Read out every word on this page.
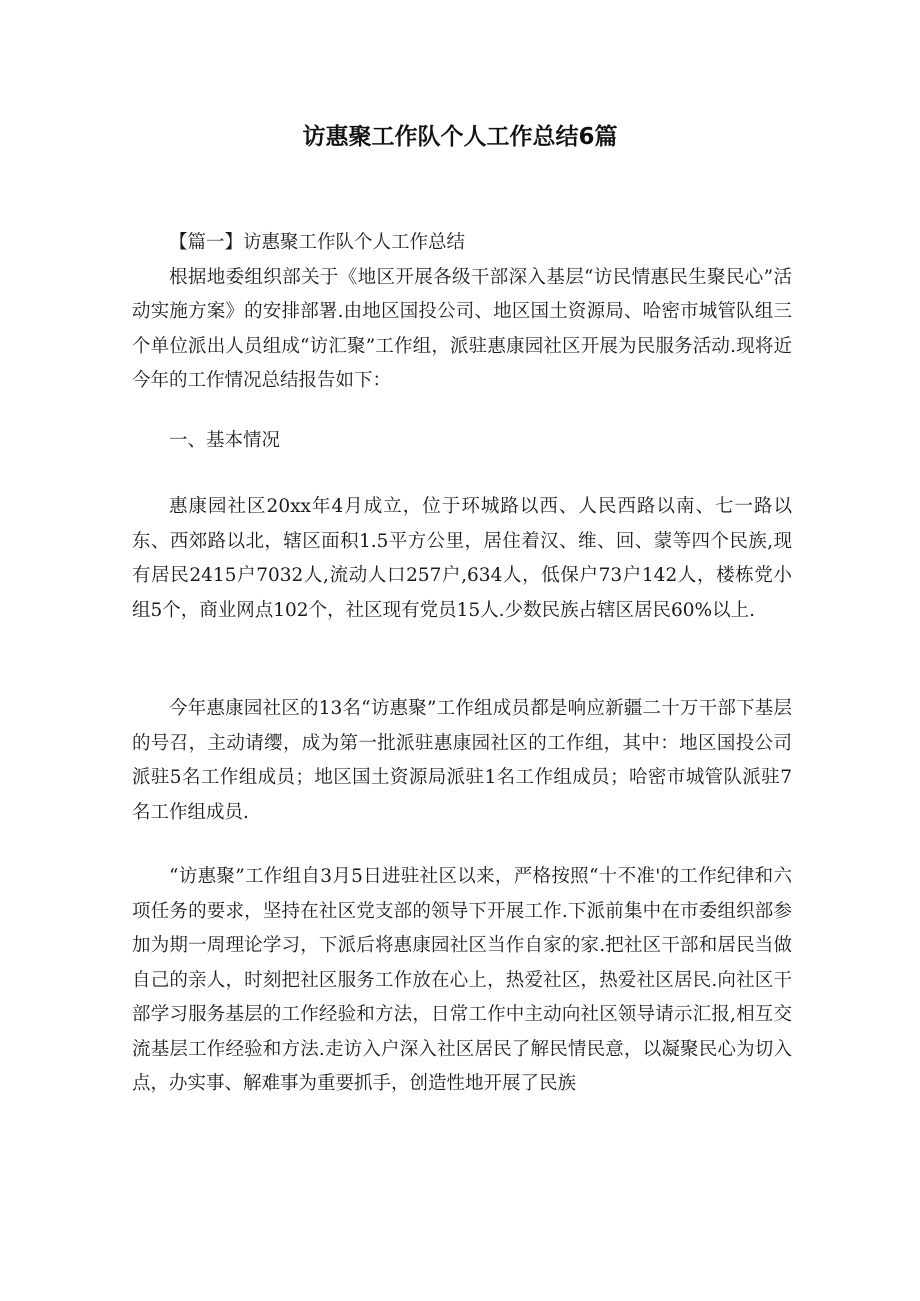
访惠聚工作队个人工作总结6篇

【篇一】访惠聚工作队个人工作总结

根据地委组织部关于《地区开展各级干部深入基层“访民情惠民生聚民心”活动实施方案》的安排部署.由地区国投公司、地区国土资源局、哈密市城管队组三个单位派出人员组成“访汇聚”工作组，派驻惠康园社区开展为民服务活动.现将近今年的工作情况总结报告如下：

一、基本情况

惠康园社区20xx年4月成立，位于环城路以西、人民西路以南、七一路以东、西郊路以北，辖区面积1.5平方公里，居住着汉、维、回、蒙等四个民族,现有居民2415户7032人,流动人口257户,634人，低保户73户142人，楼栋党小组5个，商业网点102个，社区现有党员15人.少数民族占辖区居民60%以上.

今年惠康园社区的13名“访惠聚”工作组成员都是响应新疆二十万干部下基层的号召，主动请缨，成为第一批派驻惠康园社区的工作组，其中：地区国投公司派驻5名工作组成员；地区国土资源局派驻1名工作组成员；哈密市城管队派驻7名工作组成员.

“访惠聚”工作组自3月5日进驻社区以来，严格按照“十不准'的工作纪律和六项任务的要求，坚持在社区党支部的领导下开展工作.下派前集中在市委组织部参加为期一周理论学习，下派后将惠康园社区当作自家的家.把社区干部和居民当做自己的亲人，时刻把社区服务工作放在心上，热爱社区，热爱社区居民.向社区干部学习服务基层的工作经验和方法，日常工作中主动向社区领导请示汇报,相互交流基层工作经验和方法.走访入户深入社区居民了解民情民意，以凝聚民心为切入点，办实事、解难事为重要抓手，创造性地开展了民族
